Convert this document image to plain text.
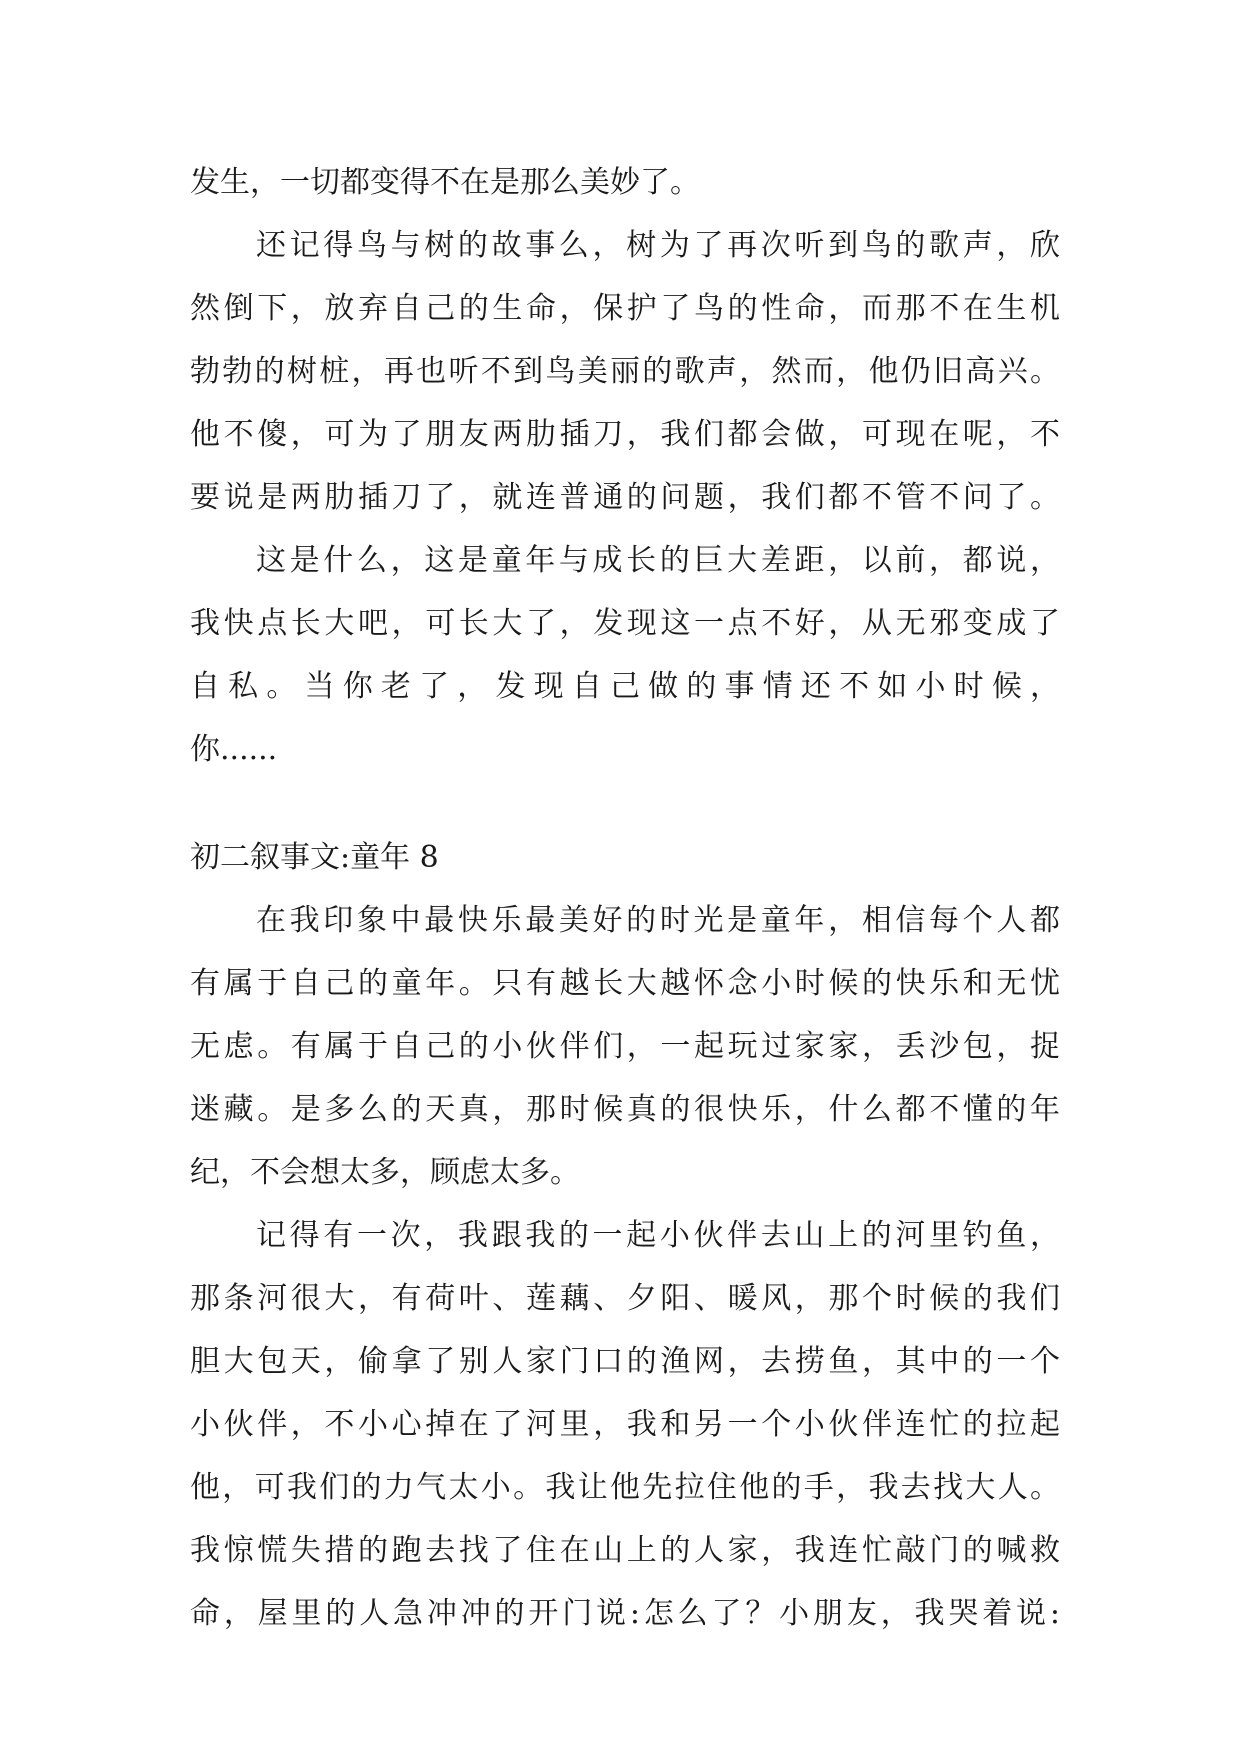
发生，一切都变得不在是那么美妙了。
还记得鸟与树的故事么，树为了再次听到鸟的歌声，欣
然倒下，放弃自己的生命，保护了鸟的性命，而那不在生机
勃勃的树桩，再也听不到鸟美丽的歌声，然而，他仍旧高兴。
他不傻，可为了朋友两肋插刀，我们都会做，可现在呢，不
要说是两肋插刀了，就连普通的问题，我们都不管不问了。
这是什么，这是童年与成长的巨大差距，以前，都说，
我快点长大吧，可长大了，发现这一点不好，从无邪变成了
自私。当你老了，发现自己做的事情还不如小时候，
你......
初二叙事文:童年 8
在我印象中最快乐最美好的时光是童年，相信每个人都
有属于自己的童年。只有越长大越怀念小时候的快乐和无忧
无虑。有属于自己的小伙伴们，一起玩过家家，丢沙包，捉
迷藏。是多么的天真，那时候真的很快乐，什么都不懂的年
纪，不会想太多，顾虑太多。
记得有一次，我跟我的一起小伙伴去山上的河里钓鱼，
那条河很大，有荷叶、莲藕、夕阳、暖风，那个时候的我们
胆大包天，偷拿了别人家门口的渔网，去捞鱼，其中的一个
小伙伴，不小心掉在了河里，我和另一个小伙伴连忙的拉起
他，可我们的力气太小。我让他先拉住他的手，我去找大人。
我惊慌失措的跑去找了住在山上的人家，我连忙敲门的喊救
命，屋里的人急冲冲的开门说:怎么了？小朋友，我哭着说:
